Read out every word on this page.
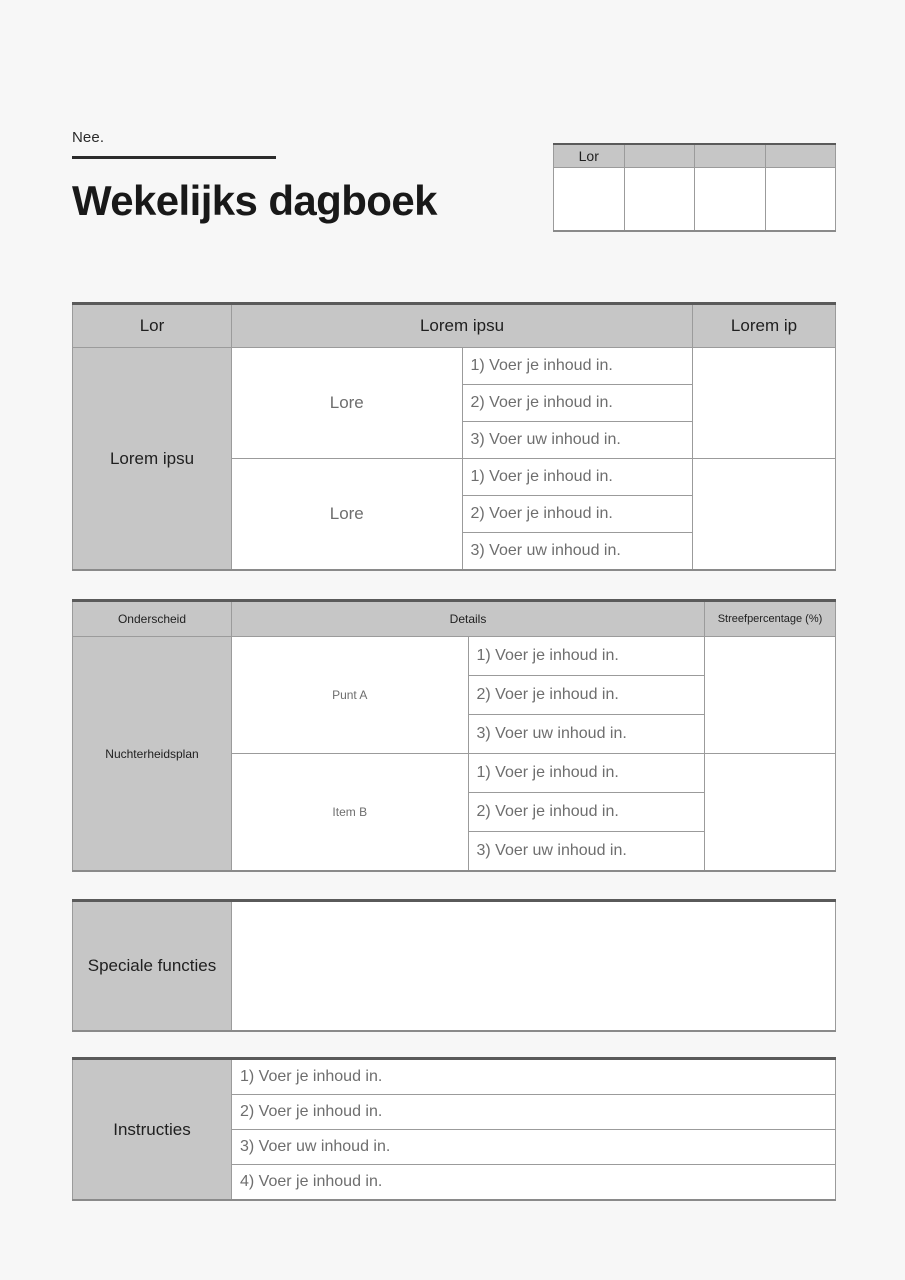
Nee.
Wekelijks dagboek
Lor			

Lor	Lorem ipsu		Lorem ip
Lorem ipsu	Lore	1) Voer je inhoud in.	
		2) Voer je inhoud in.	
		3) Voer uw inhoud in.	
	Lore	1) Voer je inhoud in.	
		2) Voer je inhoud in.	
		3) Voer uw inhoud in.	
Onderscheid	Details		Streefpercentage (%)
Nuchterheidsplan	Punt A	1) Voer je inhoud in.	
		2) Voer je inhoud in.	
		3) Voer uw inhoud in.	
	Item B	1) Voer je inhoud in.	
		2) Voer je inhoud in.	
		3) Voer uw inhoud in.	
Speciale functies	
Instructies	1) Voer je inhoud in.
2) Voer je inhoud in.
3) Voer uw inhoud in.
4) Voer je inhoud in.
